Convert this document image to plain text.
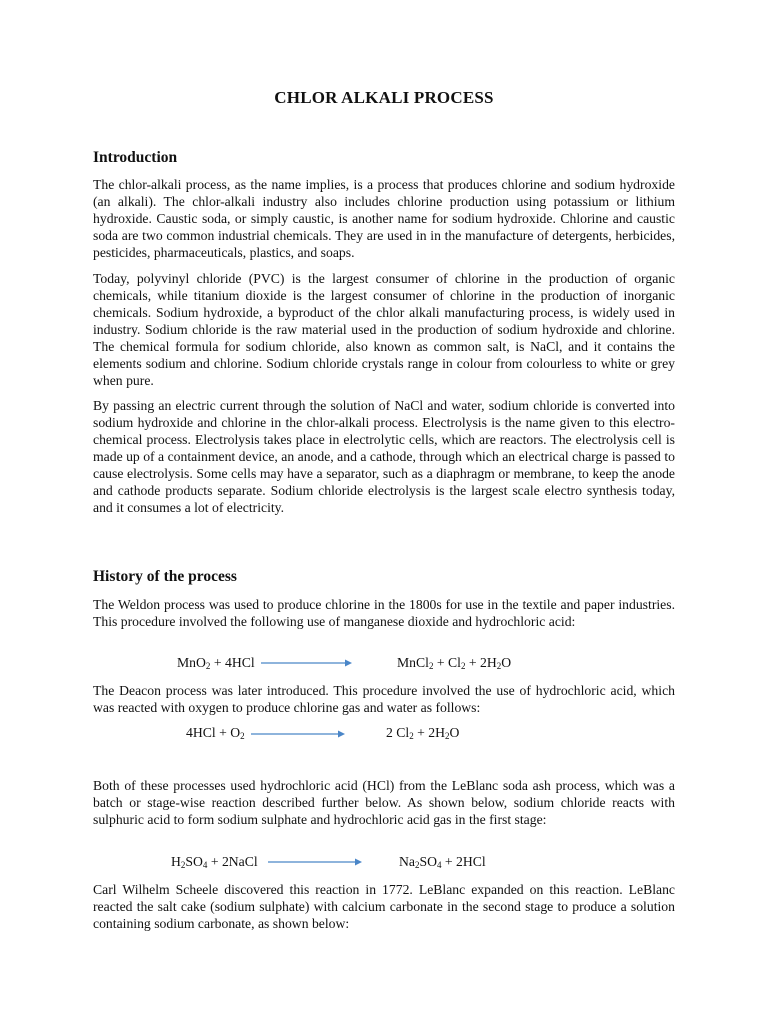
CHLOR ALKALI PROCESS
Introduction

The chlor-alkali process, as the name implies, is a process that produces chlorine and sodium hydroxide (an alkali). The chlor-alkali industry also includes chlorine production using potassium or lithium hydroxide. Caustic soda, or simply caustic, is another name for sodium hydroxide. Chlorine and caustic soda are two common industrial chemicals. They are used in in the manufacture of detergents, herbicides, pesticides, pharmaceuticals, plastics, and soaps.

Today, polyvinyl chloride (PVC) is the largest consumer of chlorine in the production of organic chemicals, while titanium dioxide is the largest consumer of chlorine in the production of inorganic chemicals. Sodium hydroxide, a byproduct of the chlor alkali manufacturing process, is widely used in industry. Sodium chloride is the raw material used in the production of sodium hydroxide and chlorine. The chemical formula for sodium chloride, also known as common salt, is NaCl, and it contains the elements sodium and chlorine. Sodium chloride crystals range in colour from colourless to white or grey when pure.

By passing an electric current through the solution of NaCl and water, sodium chloride is converted into sodium hydroxide and chlorine in the chlor-alkali process. Electrolysis is the name given to this electro-chemical process. Electrolysis takes place in electrolytic cells, which are reactors. The electrolysis cell is made up of a containment device, an anode, and a cathode, through which an electrical charge is passed to cause electrolysis. Some cells may have a separator, such as a diaphragm or membrane, to keep the anode and cathode products separate. Sodium chloride electrolysis is the largest scale electro synthesis today, and it consumes a lot of electricity.

History of the process

The Weldon process was used to produce chlorine in the 1800s for use in the textile and paper industries. This procedure involved the following use of manganese dioxide and hydrochloric acid:

MnO$_2$ + 4HCl	MnCl$_2$ + $Cl_2 + 2H_2O$

The Deacon process was later introduced. This procedure involved the use of hydrochloric acid, which was reacted with oxygen to produce chlorine gas and water as follows:

$4HCl + O_2$	2 $Cl_2 + 2H_2O$

Both of these processes used hydrochloric acid (HCl) from the LeBlanc soda ash process, which was a batch or stage-wise reaction described further below. As shown below, sodium chloride reacts with sulphuric acid to form sodium sulphate and hydrochloric acid gas in the first stage:

$H_2SO_4$ + 2NaCl	$Na_2SO_4 + 2HCl$

Carl Wilhelm Scheele discovered this reaction in 1772. LeBlanc expanded on this reaction. LeBlanc reacted the salt cake (sodium sulphate) with calcium carbonate in the second stage to produce a solution containing sodium carbonate, as shown below:
